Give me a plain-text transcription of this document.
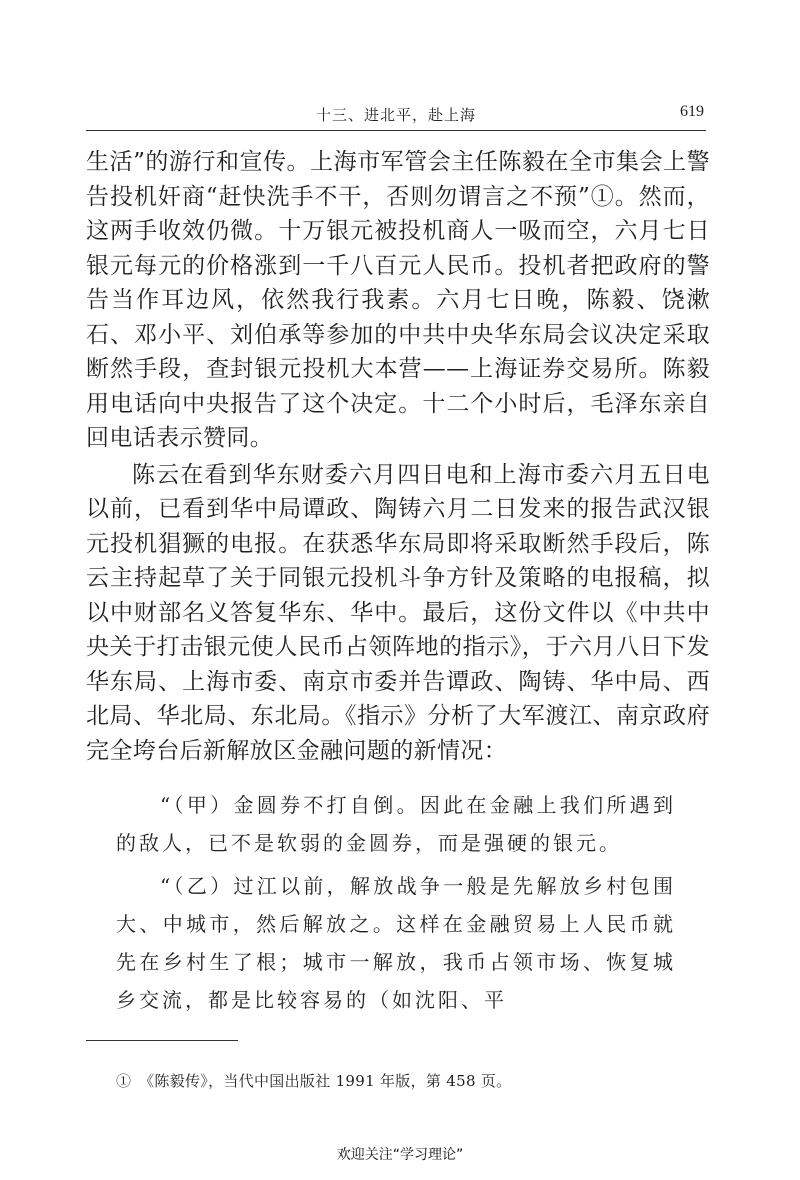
十三、进北平，赴上海	619

生活”的游行和宣传。上海市军管会主任陈毅在全市集会上警告投机奸商“赶快洗手不干，否则勿谓言之不预”①。然而，这两手收效仍微。十万银元被投机商人一吸而空，六月七日银元每元的价格涨到一千八百元人民币。投机者把政府的警告当作耳边风，依然我行我素。六月七日晚，陈毅、饶漱石、邓小平、刘伯承等参加的中共中央华东局会议决定采取断然手段，查封银元投机大本营——上海证券交易所。陈毅用电话向中央报告了这个决定。十二个小时后，毛泽东亲自回电话表示赞同。

陈云在看到华东财委六月四日电和上海市委六月五日电以前，已看到华中局谭政、陶铸六月二日发来的报告武汉银元投机猖獗的电报。在获悉华东局即将采取断然手段后，陈云主持起草了关于同银元投机斗争方针及策略的电报稿，拟以中财部名义答复华东、华中。最后，这份文件以《中共中央关于打击银元使人民币占领阵地的指示》，于六月八日下发华东局、上海市委、南京市委并告谭政、陶铸、华中局、西北局、华北局、东北局。《指示》分析了大军渡江、南京政府完全垮台后新解放区金融问题的新情况：

“（甲）金圆券不打自倒。因此在金融上我们所遇到的敌人，已不是软弱的金圆券，而是强硬的银元。

“（乙）过江以前，解放战争一般是先解放乡村包围大、中城市，然后解放之。这样在金融贸易上人民币就先在乡村生了根；城市一解放，我币占领市场、恢复城乡交流，都是比较容易的（如沈阳、平

①　《陈毅传》，当代中国出版社 1991 年版，第 458 页。
欢迎关注“学习理论”
